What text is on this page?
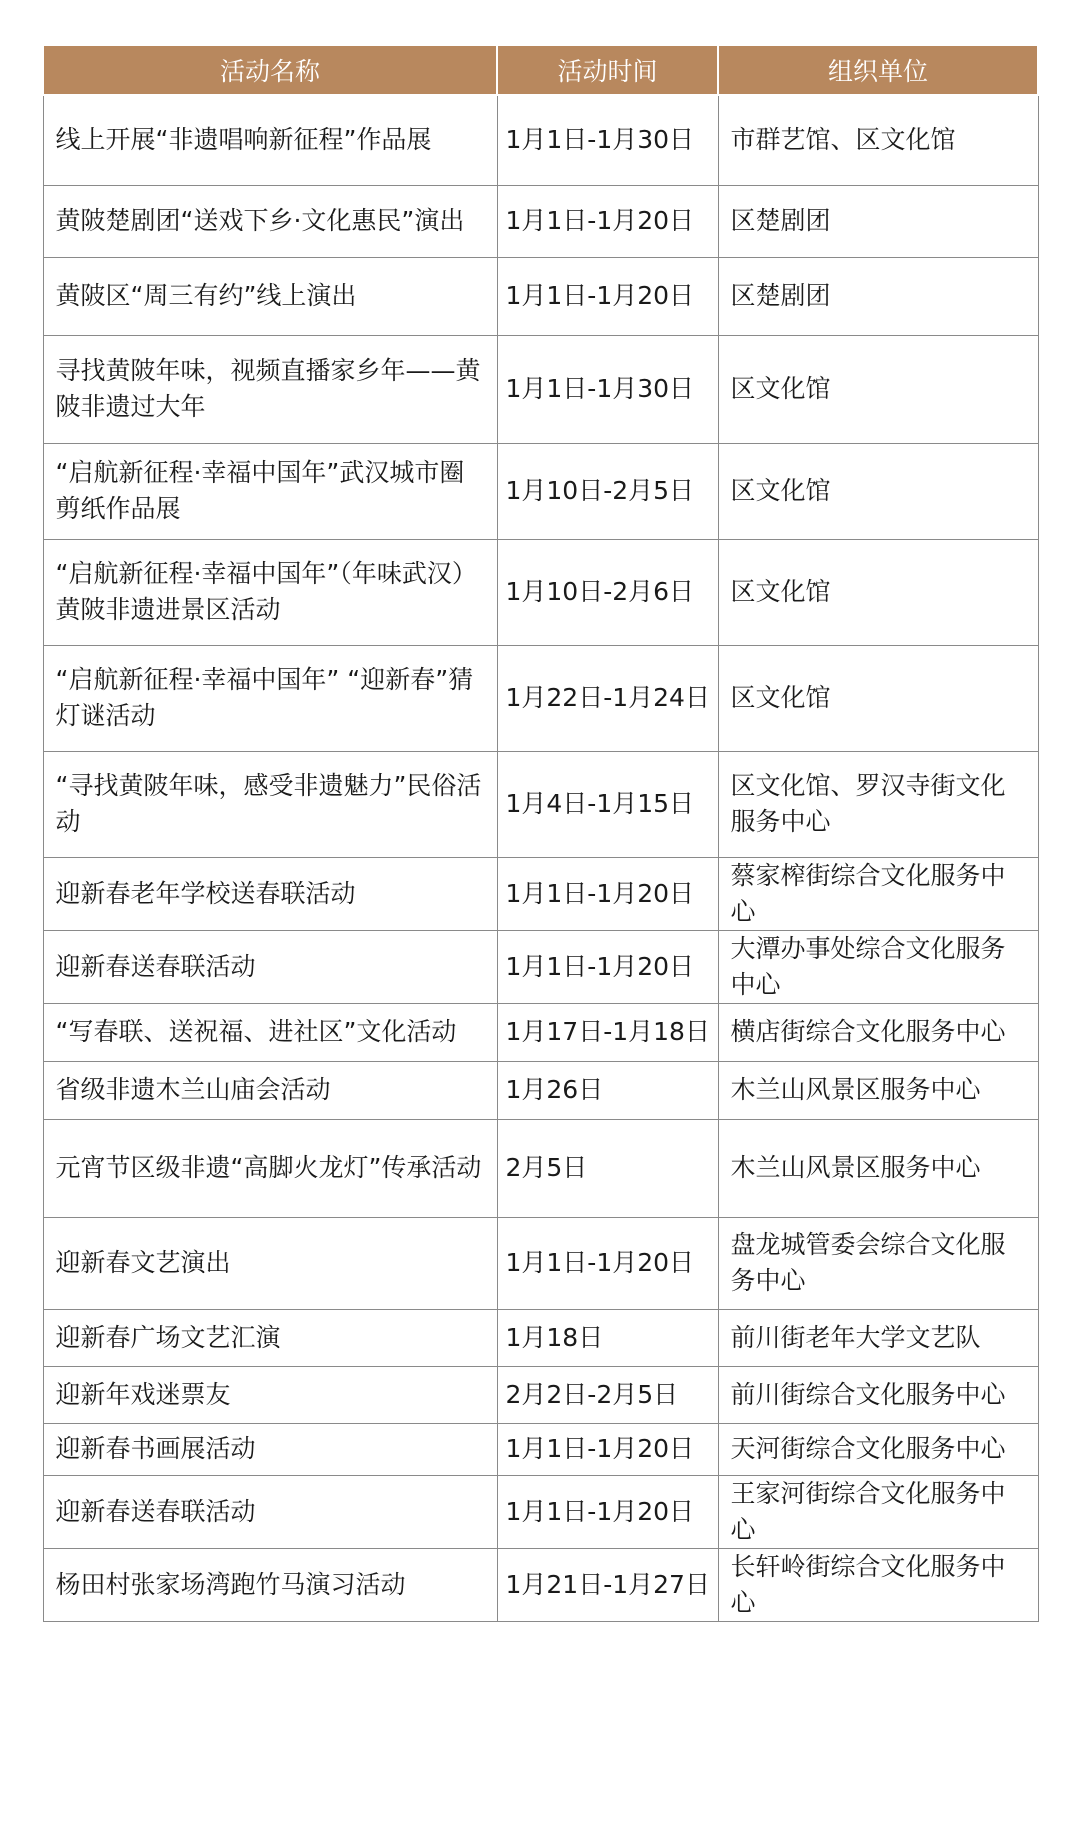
活动名称	活动时间	组织单位
线上开展“非遗唱响新征程”作品展	1月1日-1月30日	市群艺馆、区文化馆
黄陂楚剧团“送戏下乡·文化惠民”演出	1月1日-1月20日	区楚剧团
黄陂区“周三有约”线上演出	1月1日-1月20日	区楚剧团
寻找黄陂年味，视频直播家乡年——黄陂非遗过大年	1月1日-1月30日	区文化馆
“启航新征程·幸福中国年”武汉城市圈剪纸作品展	1月10日-2月5日	区文化馆
“启航新征程·幸福中国年”（年味武汉）黄陂非遗进景区活动	1月10日-2月6日	区文化馆
“启航新征程·幸福中国年” “迎新春”猜灯谜活动	1月22日-1月24日	区文化馆
“寻找黄陂年味，感受非遗魅力”民俗活动	1月4日-1月15日	区文化馆、罗汉寺街文化服务中心
迎新春老年学校送春联活动	1月1日-1月20日	蔡家榨街综合文化服务中心
迎新春送春联活动	1月1日-1月20日	大潭办事处综合文化服务中心
“写春联、送祝福、进社区”文化活动	1月17日-1月18日	横店街综合文化服务中心
省级非遗木兰山庙会活动	1月26日	木兰山风景区服务中心
元宵节区级非遗“高脚火龙灯”传承活动	2月5日	木兰山风景区服务中心
迎新春文艺演出	1月1日-1月20日	盘龙城管委会综合文化服务中心
迎新春广场文艺汇演	1月18日	前川街老年大学文艺队
迎新年戏迷票友	2月2日-2月5日	前川街综合文化服务中心
迎新春书画展活动	1月1日-1月20日	天河街综合文化服务中心
迎新春送春联活动	1月1日-1月20日	王家河街综合文化服务中心
杨田村张家场湾跑竹马演习活动	1月21日-1月27日	长轩岭街综合文化服务中心
